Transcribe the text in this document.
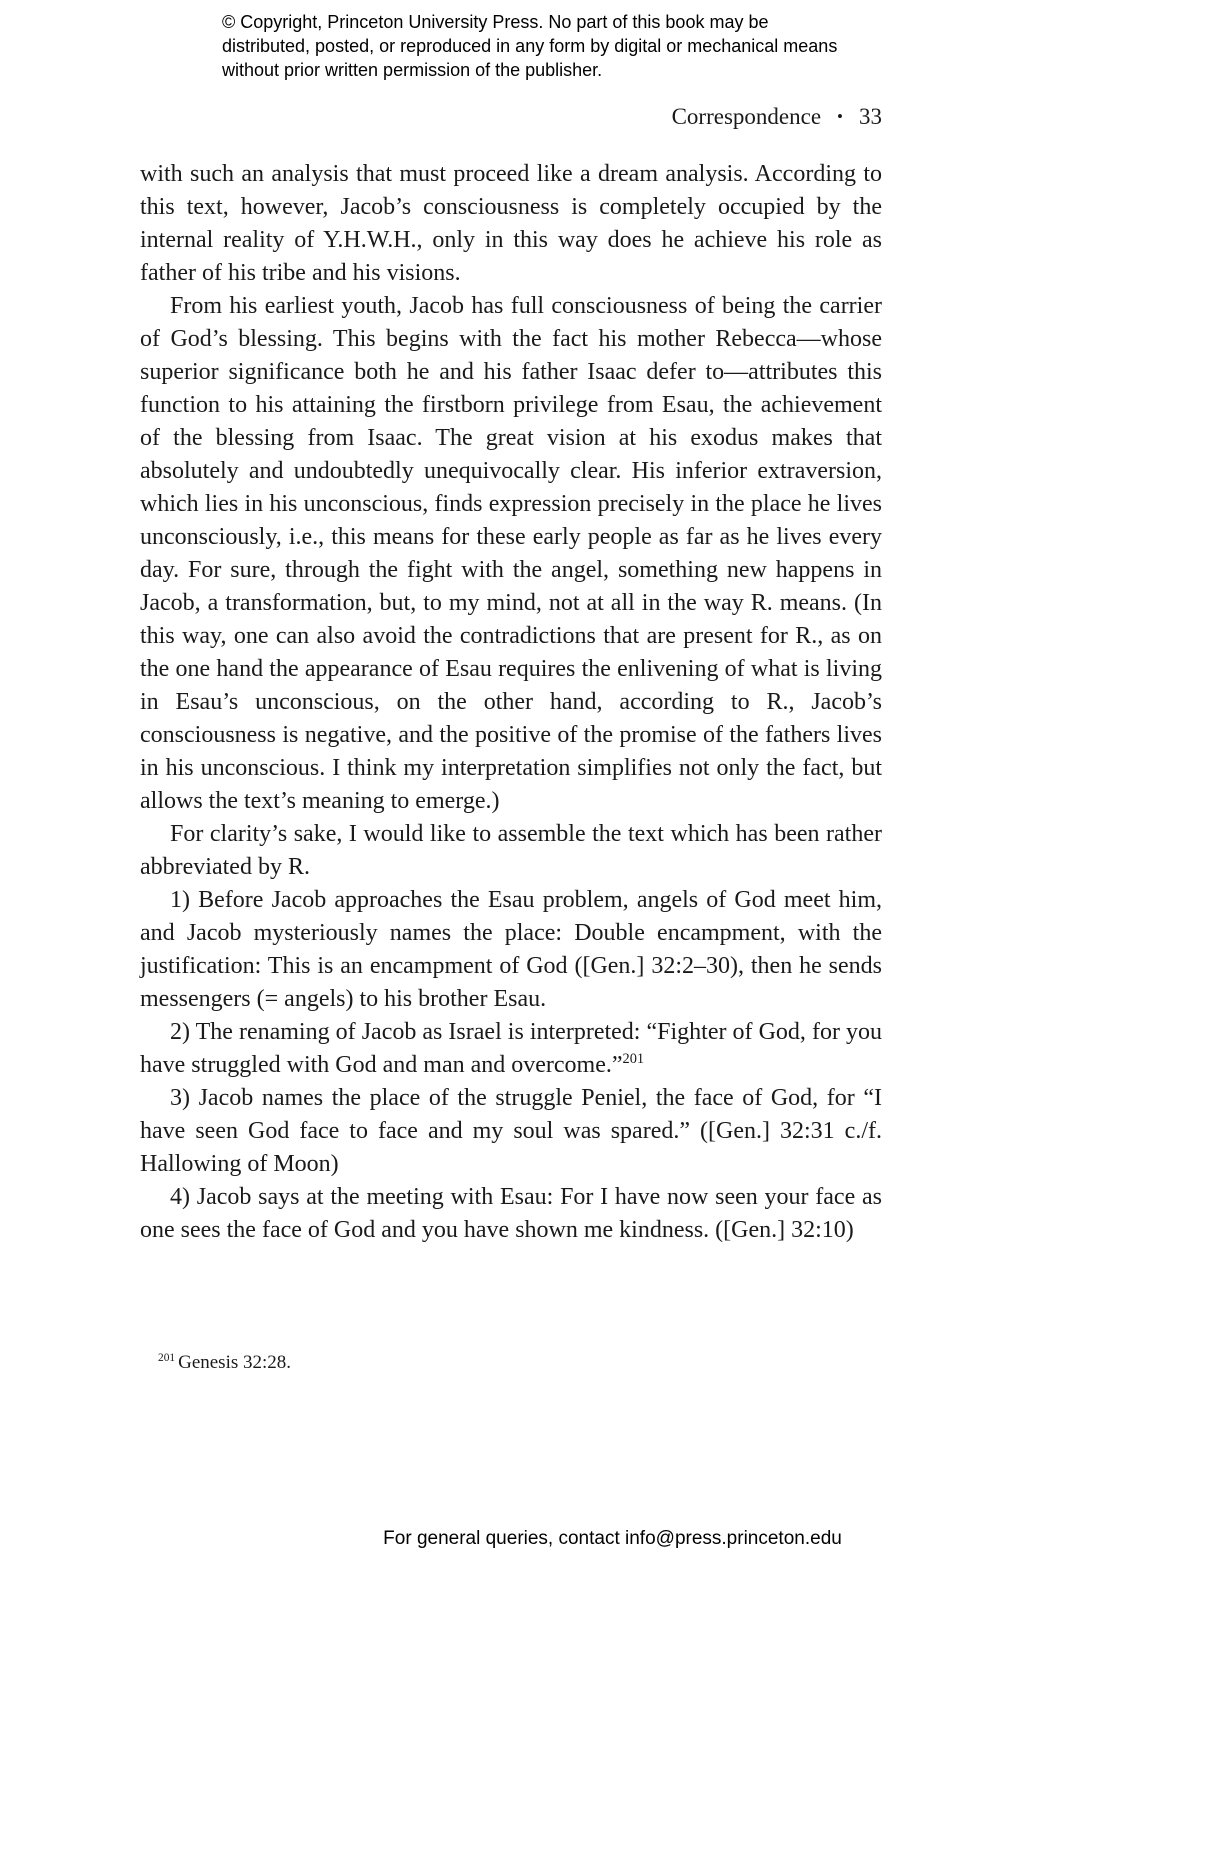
© Copyright, Princeton University Press. No part of this book may be distributed, posted, or reproduced in any form by digital or mechanical means without prior written permission of the publisher.
Correspondence • 33

with such an analysis that must proceed like a dream analysis. According to this text, however, Jacob’s consciousness is completely occupied by the internal reality of Y.H.W.H., only in this way does he achieve his role as father of his tribe and his visions.

From his earliest youth, Jacob has full consciousness of being the carrier of God’s blessing. This begins with the fact his mother Rebecca—whose superior significance both he and his father Isaac defer to—attributes this function to his attaining the firstborn privilege from Esau, the achievement of the blessing from Isaac. The great vision at his exodus makes that absolutely and undoubtedly unequivocally clear. His inferior extraversion, which lies in his unconscious, finds expression precisely in the place he lives unconsciously, i.e., this means for these early people as far as he lives every day. For sure, through the fight with the angel, something new happens in Jacob, a transformation, but, to my mind, not at all in the way R. means. (In this way, one can also avoid the contradictions that are present for R., as on the one hand the appearance of Esau requires the enlivening of what is living in Esau’s unconscious, on the other hand, according to R., Jacob’s consciousness is negative, and the positive of the promise of the fathers lives in his unconscious. I think my interpretation simplifies not only the fact, but allows the text’s meaning to emerge.)

For clarity’s sake, I would like to assemble the text which has been rather abbreviated by R.

1) Before Jacob approaches the Esau problem, angels of God meet him, and Jacob mysteriously names the place: Double encampment, with the justification: This is an encampment of God ([Gen.] 32:2–30), then he sends messengers (= angels) to his brother Esau.

2) The renaming of Jacob as Israel is interpreted: “Fighter of God, for you have struggled with God and man and overcome.”$^{201}$

3) Jacob names the place of the struggle Peniel, the face of God, for “I have seen God face to face and my soul was spared.” ([Gen.] 32:31 c./f. Hallowing of Moon)

4) Jacob says at the meeting with Esau: For I have now seen your face as one sees the face of God and you have shown me kindness. ([Gen.] 32:10)

$^{201}$ Genesis 32:28.
For general queries, contact info@press.princeton.edu
